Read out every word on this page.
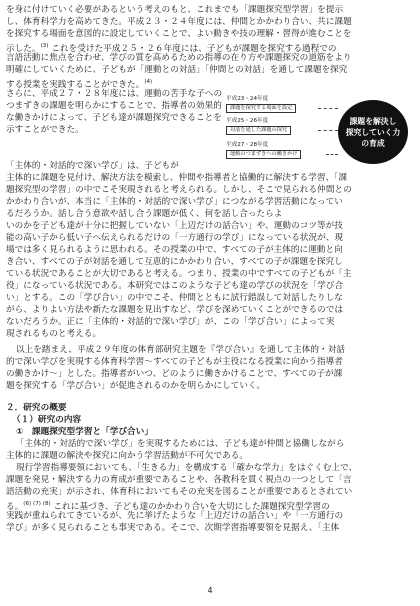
を身に付けていく必要があるという考えのもと、これまでも「課題探究型学習」を提示
し、体育科学力を高めてきた。平成２３・２４年度には、仲間とかかわり合い、共に課題
を探究する場面を意図的に設定していくことで、よい動きや技の理解・習得が進むことを
示した。$^{(3)}$ これを受けた平成２５・２６年度には、子どもが課題を探究する過程での
言語活動に焦点を合わせ、学びの質を高めるための指導の在り方や課題探究の道筋をより
明確にしていくために、子どもが「運動との対話」「仲間との対話」を通して課題を探究
する授業を実践することができた。$^{(4)}$
さらに、平成２７・２８年度には、運動の苦手な子へのつまずきの課題を明らかにすることで、指導者の効果的な働きかけによって、子ども達が課題探究できることを示すことができた。
「主体的・対話的で深い学び」は、子どもが
主体的に課題を見付け、解決方法を模索し、仲間や指導者と協働的に解決する学習、「課
題探究型の学習」の中でこそ実現されると考えられる。しかし、そこで見られる仲間との
かかわり合いが、本当に「主体的・対話的で深い学び」につながる学習活動になってい
るだろうか。話し合う意欲や話し合う課題が低く、何を話し合ったらよ
いのかを子ども達が十分に把握していない「上辺だけの話合い」や、運動のコツ等が技
能の高い子から低い子へ伝えられるだけの「一方通行の学び」になっている状況が、現
場では多く見られるように思われる。その授業の中で、すべての子が主体的に運動と向
き合い、すべての子が対話を通して互恵的にかかわり合い、すべての子が課題を探究し
ている状況であることが大切であると考える。つまり、授業の中ですべての子どもが「主
役」になっている状況である。本研究ではこのような子ども達の学びの状況を「学び合
い」とする。この「学び合い」の中でこそ、仲間とともに試行錯誤して対話したりしな
がら、よりよい方法や新たな課題を見出すなど、学びを深めていくことができるのでは
ないだろうか。正に「主体的・対話的で深い学び」が、この「学び合い」によって実
現されるものと考える。
以上を踏まえ、平成２９年度の体育部研究主題を『学び合い』を通して主体的・対話
的で深い学びを実現する体育科学習〜すべての子どもが主役になる授業に向かう指導者
の働きかけ〜」とした。指導者がいつ、どのように働きかけることで、すべての子が課
題を探究する「学び合い」が促進されるのかを明らかにしていく。
２．研究の概要
（１）研究の内容
①　課題探究型学習と「学び合い」
「主体的・対話的で深い学び」を実現するためには、子ども達が仲間と協働しながら
主体的に課題の解決や探究に向かう学習活動が不可欠である。
現行学習指導要領においても、「生きる力」を構成する「確かな学力」をはぐくむ上で、
課題を発見・解決する力の育成が重要であることや、各教科を貫く視点の一つとして「言
語活動の充実」が示され、体育科においてもその充実を図ることが重要であるとされてい
る。$^{(6) (7) (8)}$ これに基づき、子ども達のかかわり合いを大切にした課題探究型学習の
実践が重ねられてきているが、先に挙げたような「上辺だけの話合い」や「一方通行の
学び」が多く見られることも事実である。そこで、次期学習指導要領を見据え、「主体
平成23・24年度
課題を探究する場面を設定
平成25・26年度
対話を通した課題の探究
平成27・28年度
運動のつまずきへの働きかけ
課題を解決し
探究していく力
の育成
4
